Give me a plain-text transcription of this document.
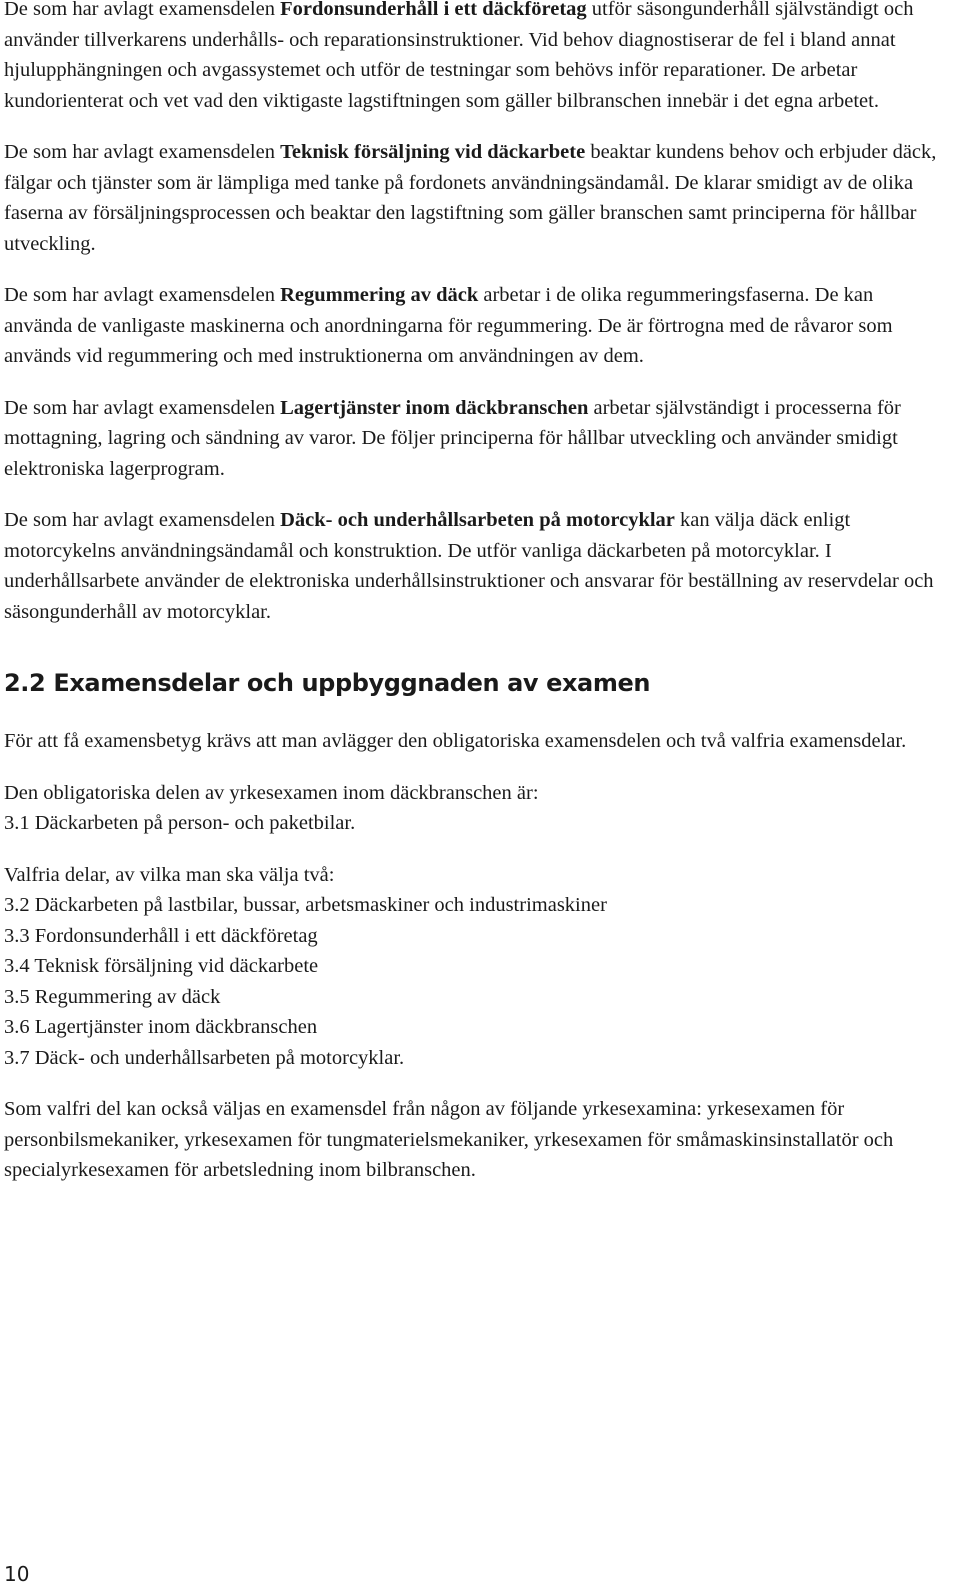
De som har avlagt examensdelen Fordonsunderhåll i ett däckföretag utför säsongunderhåll självständigt och använder tillverkarens underhålls- och reparationsinstruktioner. Vid behov diagnostiserar de fel i bland annat hjulupphängningen och avgassystemet och utför de testningar som behövs inför reparationer. De arbetar kundorienterat och vet vad den viktigaste lagstiftningen som gäller bilbranschen innebär i det egna arbetet.

De som har avlagt examensdelen Teknisk försäljning vid däckarbete beaktar kundens behov och erbjuder däck, fälgar och tjänster som är lämpliga med tanke på fordonets användningsändamål. De klarar smidigt av de olika faserna av försäljningsprocessen och beaktar den lagstiftning som gäller branschen samt principerna för hållbar utveckling.

De som har avlagt examensdelen Regummering av däck arbetar i de olika regummeringsfaserna. De kan använda de vanligaste maskinerna och anordningarna för regummering. De är förtrogna med de råvaror som används vid regummering och med instruktionerna om användningen av dem.

De som har avlagt examensdelen Lagertjänster inom däckbranschen arbetar självständigt i processerna för mottagning, lagring och sändning av varor. De följer principerna för hållbar utveckling och använder smidigt elektroniska lagerprogram.

De som har avlagt examensdelen Däck- och underhållsarbeten på motorcyklar kan välja däck enligt motorcykelns användningsändamål och konstruktion. De utför vanliga däckarbeten på motorcyklar. I underhållsarbete använder de elektroniska underhållsinstruktioner och ansvarar för beställning av reservdelar och säsongunderhåll av motorcyklar.

2.2 Examensdelar och uppbyggnaden av examen

För att få examensbetyg krävs att man avlägger den obligatoriska examensdelen och två valfria examensdelar.

Den obligatoriska delen av yrkesexamen inom däckbranschen är:
3.1 Däckarbeten på person- och paketbilar.

Valfria delar, av vilka man ska välja två:
3.2 Däckarbeten på lastbilar, bussar, arbetsmaskiner och industrimaskiner
3.3 Fordonsunderhåll i ett däckföretag
3.4 Teknisk försäljning vid däckarbete
3.5 Regummering av däck
3.6 Lagertjänster inom däckbranschen
3.7 Däck- och underhållsarbeten på motorcyklar.

Som valfri del kan också väljas en examensdel från någon av följande yrkesexamina: yrkesexamen för personbilsmekaniker, yrkesexamen för tungmaterielsmekaniker, yrkesexamen för småmaskinsinstallatör och specialyrkesexamen för arbetsledning inom bilbranschen.

10
